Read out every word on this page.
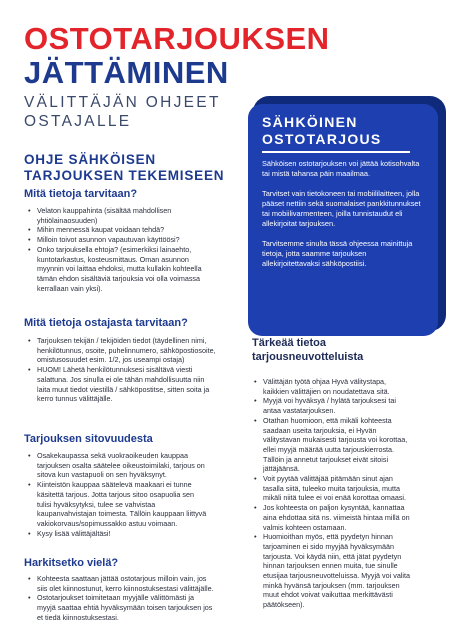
OSTOTARJOUKSEN
JÄTTÄMINEN
VÄLITTÄJÄN OHJEET
OSTAJALLE	SÄHKÖINEN
OSTOTARJOUS

Sähköisen ostotarjouksen voi jättää kotisohvalta tai mistä tahansa päin maailmaa.

Tarvitset vain tietokoneen tai mobiililaitteen, jolla pääset nettiin sekä suomalaiset pankkitunnukset tai mobiilivarmenteen, joilla tunnistaudut eli allekirjoitat tarjouksen.

Tarvitsemme sinulta tässä ohjeessa mainittuja tietoja, jotta saamme tarjouksen allekirjoitettavaksi sähköpostiisi.

OHJE SÄHKÖISEN
TARJOUKSEN TEKEMISEEN
Mitä tietoja tarvitaan?
• Velaton kauppahinta (sisältää mahdollisen
yhtiölainaosuuden)
• Mihin mennessä kaupat voidaan tehdä?
• Milloin toivot asunnon vapautuvan käyttöösi?
• Onko tarjouksella ehtoja? (esimerkiksi lainaehto,
kuntotarkastus, kosteusmittaus. Oman asunnon
myynnin voi laittaa ehdoksi, mutta kullakin kohteella
tämän ehdon sisältäviä tarjouksia voi olla voimassa
kerrallaan vain yksi).
Mitä tietoja ostajasta tarvitaan?
• Tarjouksen tekijän / tekijöiden tiedot (täydellinen nimi,
henkilötunnus, osoite, puhelinnumero, sähköpostiosoite,
omistusosuudet esim. 1/2, jos useampi ostaja)
• HUOM! Lähetä henkilötunnuksesi sisältävä viesti
salattuna. Jos sinulla ei ole tähän mahdollisuutta niin
laita muut tiedot viestillä / sähköpostitse, sitten soita ja
kerro tunnus välittäjälle.
Tarjouksen sitovuudesta
• Osakekaupassa sekä vuokraoikeuden kauppaa
tarjouksen osalta säätelee oikeustoimilaki, tarjous on
sitova kun vastapuoli on sen hyväksynyt.
• Kiinteistön kauppaa säätelevä maakaari ei tunne
käsitettä tarjous. Jotta tarjous sitoo osapuolia sen
tulisi hyväksytyksi, tulee se vahvistaa
kaupanvahvistajan toimesta. Tällöin kauppaan liittyvä
vakiokorvaus/sopimussakko astuu voimaan.
• Kysy lisää välittäjältäsi!
Harkitsetko vielä?
• Kohteesta saattaan jättää ostotarjous milloin vain, jos
siis olet kiinnostunut, kerro kiinnostuksestasi välittäjälle.
• Ostotarjoukset toimitetaan myyjälle välittömästi ja
myyjä saattaa ehtiä hyväksymään toisen tarjouksen jos
et tiedä kiinnostuksestasi.
Tärkeää tietoa
tarjousneuvotteluista
• Välittäjän työtä ohjaa Hyvä välitystapa,
kaikkien välittäjien on noudatettava sitä.
• Myyjä voi hyväksyä / hylätä tarjouksesi tai
antaa vastatarjouksen.
• Otathan huomioon, että mikäli kohteesta
saadaan useita tarjouksia, ei Hyvän
välitystavan mukaisesti tarjousta voi korottaa,
ellei myyjä määrää uutta tarjouskierrosta.
Tällöin ja annetut tarjoukset eivät sitoisi
jättäjäänsä.
• Voit pyytää välittäjää pitämään sinut ajan
tasalla siitä, tuleeko muita tarjouksia, mutta
mikäli niitä tulee ei voi enää korottaa omaasi.
• Jos kohteesta on paljon kysyntää, kannattaa
aina ehdottaa sitä ns. viimeistä hintaa millä on
valmis kohteen ostamaan.
• Huomioithan myös, että pyydetyn hinnan
tarjoaminen ei sido myyjää hyväksymään
tarjousta. Voi käydä niin, että jätat pyydetyn
hinnan tarjouksen ennen muita, tue sinulle
etusijaa tarjousneuvotteluissa. Myyjä voi valita
minkä hyvänsä tarjouksen (mm. tarjouksen
muut ehdot voivat vaikuttaa merkittävästi
päätökseen).
